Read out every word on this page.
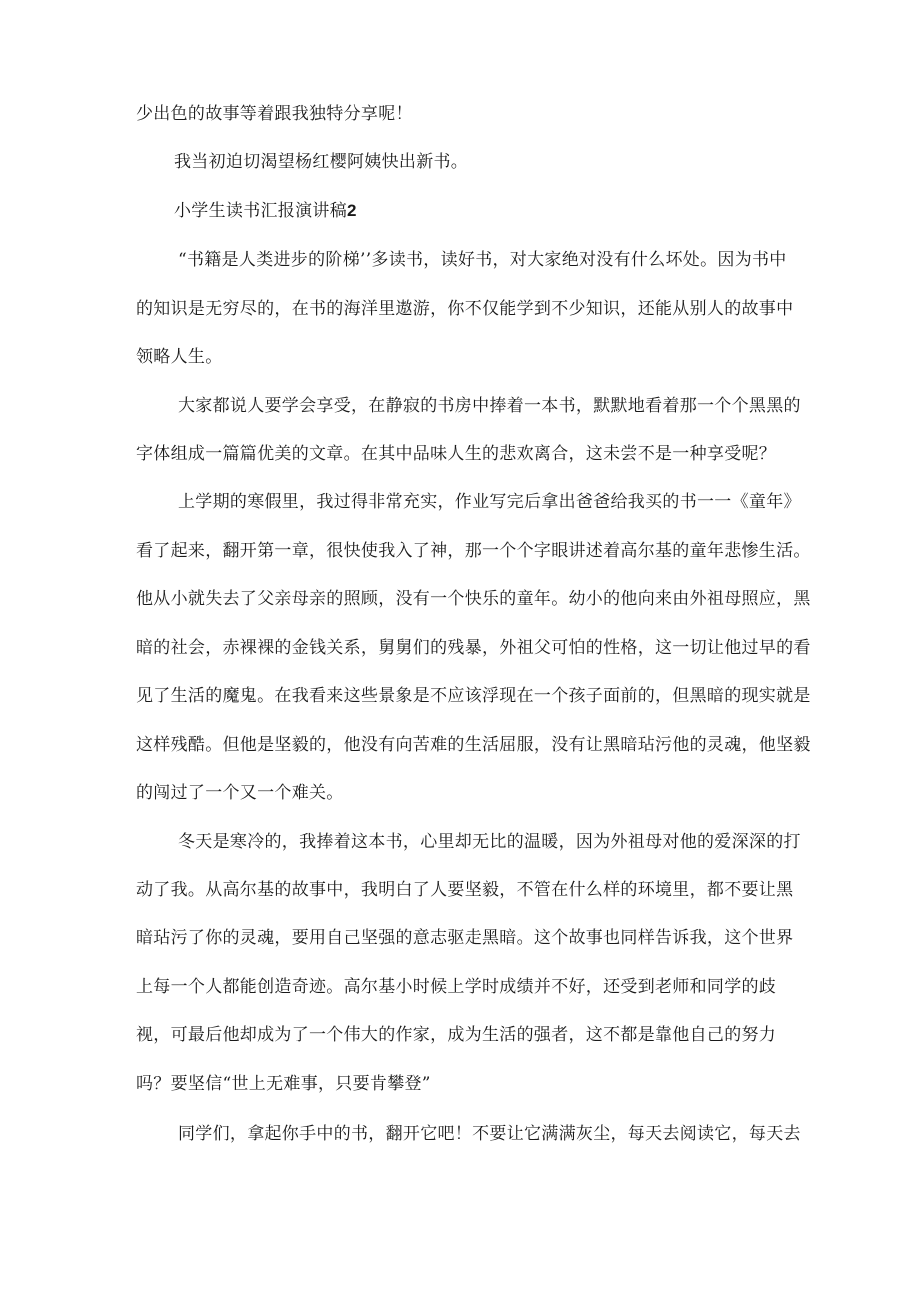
少出色的故事等着跟我独特分享呢！
我当初迫切渴望杨红樱阿姨快出新书。
小学生读书汇报演讲稿2
“书籍是人类进步的阶梯’’多读书，读好书，对大家绝对没有什么坏处。因为书中
的知识是无穷尽的，在书的海洋里遨游，你不仅能学到不少知识，还能从别人的故事中
领略人生。
大家都说人要学会享受，在静寂的书房中捧着一本书，默默地看着那一个个黑黑的
字体组成一篇篇优美的文章。在其中品味人生的悲欢离合，这未尝不是一种享受呢？
上学期的寒假里，我过得非常充实，作业写完后拿出爸爸给我买的书一一《童年》
看了起来，翻开第一章，很快使我入了神，那一个个字眼讲述着高尔基的童年悲惨生活。
他从小就失去了父亲母亲的照顾，没有一个快乐的童年。幼小的他向来由外祖母照应，黑
暗的社会，赤裸裸的金钱关系，舅舅们的残暴，外祖父可怕的性格，这一切让他过早的看
见了生活的魔鬼。在我看来这些景象是不应该浮现在一个孩子面前的，但黑暗的现实就是
这样残酷。但他是坚毅的，他没有向苦难的生活屈服，没有让黑暗玷污他的灵魂，他坚毅
的闯过了一个又一个难关。
冬天是寒冷的，我捧着这本书，心里却无比的温暖，因为外祖母对他的爱深深的打
动了我。从高尔基的故事中，我明白了人要坚毅，不管在什么样的环境里，都不要让黑
暗玷污了你的灵魂，要用自己坚强的意志驱走黑暗。这个故事也同样告诉我，这个世界
上每一个人都能创造奇迹。高尔基小时候上学时成绩并不好，还受到老师和同学的歧
视，可最后他却成为了一个伟大的作家，成为生活的强者，这不都是靠他自己的努力
吗？要坚信“世上无难事，只要肯攀登”
同学们，拿起你手中的书，翻开它吧！不要让它满满灰尘，每天去阅读它，每天去
